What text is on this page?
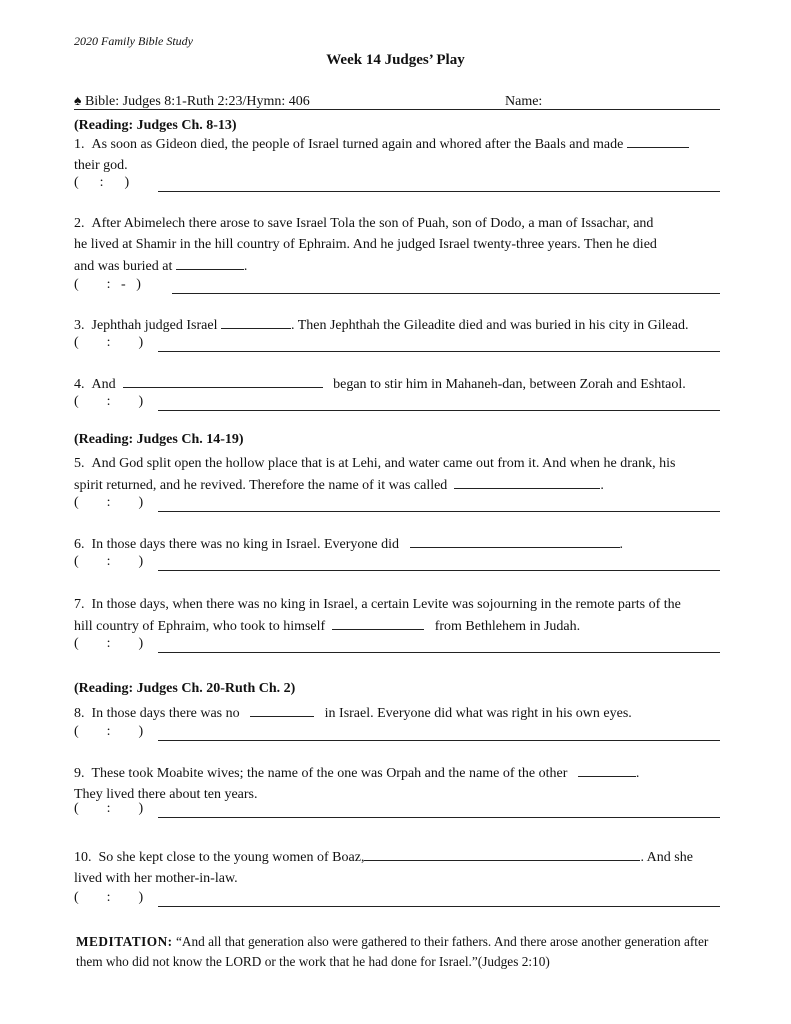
2020 Family Bible Study
Week 14 Judges’ Play
♠ Bible: Judges 8:1-Ruth 2:23/Hymn: 406	Name:
(Reading: Judges Ch. 8-13)
1. As soon as Gideon died, the people of Israel turned again and whored after the Baals and made
their god.
(      :      )
2. After Abimelech there arose to save Israel Tola the son of Puah, son of Dodo, a man of Issachar, and
he lived at Shamir in the hill country of Ephraim. And he judged Israel twenty-three years. Then he died
and was buried at	.
(        :   -   )
3. Jephthah judged Israel	. Then Jephthah the Gileadite died and was buried in his city in Gilead.
(        :        )
4. And	began to stir him in Mahaneh-dan, between Zorah and Eshtaol.
(        :        )
(Reading: Judges Ch. 14-19)
5. And God split open the hollow place that is at Lehi, and water came out from it. And when he drank, his
spirit returned, and he revived. Therefore the name of it was called	.
(        :        )
6. In those days there was no king in Israel. Everyone did	.
(        :        )
7. In those days, when there was no king in Israel, a certain Levite was sojourning in the remote parts of the
hill country of Ephraim, who took to himself	from Bethlehem in Judah.
(        :        )
(Reading: Judges Ch. 20-Ruth Ch. 2)
8. In those days there was no	in Israel. Everyone did what was right in his own eyes.
(        :        )
9. These took Moabite wives; the name of the one was Orpah and the name of the other	.
They lived there about ten years.
(        :        )
10. So she kept close to the young women of Boaz,	. And she
lived with her mother-in-law.
(        :        )
MEDITATION: “And all that generation also were gathered to their fathers. And there arose another generation after them who did not know the LORD or the work that he had done for Israel.”(Judges 2:10)
